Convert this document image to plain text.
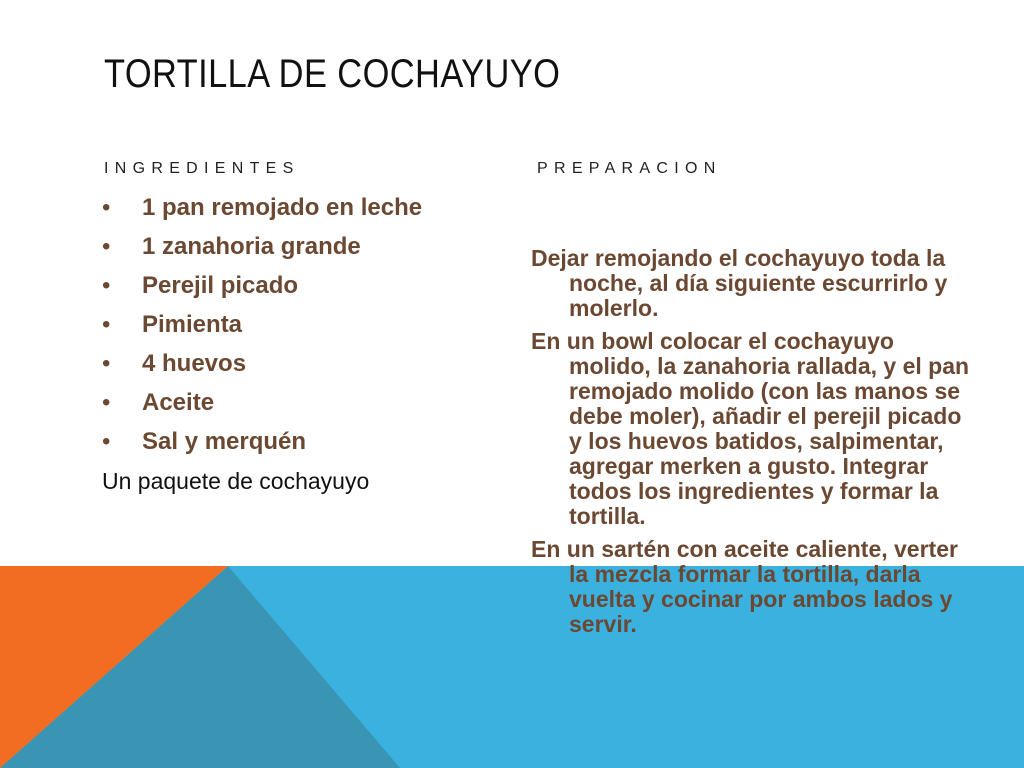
TORTILLA DE COCHAYUYO
INGREDIENTES	PREPARACION
• 1 pan remojado en leche
• 1 zanahoria grande
• Perejil picado
• Pimienta
• 4 huevos
• Aceite
• Sal y merquén
Un paquete de cochayuyo

Dejar remojando el cochayuyo toda la noche, al día siguiente escurrirlo y molerlo.

En un bowl colocar el cochayuyo molido, la zanahoria rallada, y el pan remojado molido (con las manos se debe moler), añadir el perejil picado y los huevos batidos, salpimentar, agregar merken a gusto. Integrar todos los ingredientes y formar la tortilla.

En un sartén con aceite caliente, verter la mezcla formar la tortilla, darla vuelta y cocinar por ambos lados y servir.
